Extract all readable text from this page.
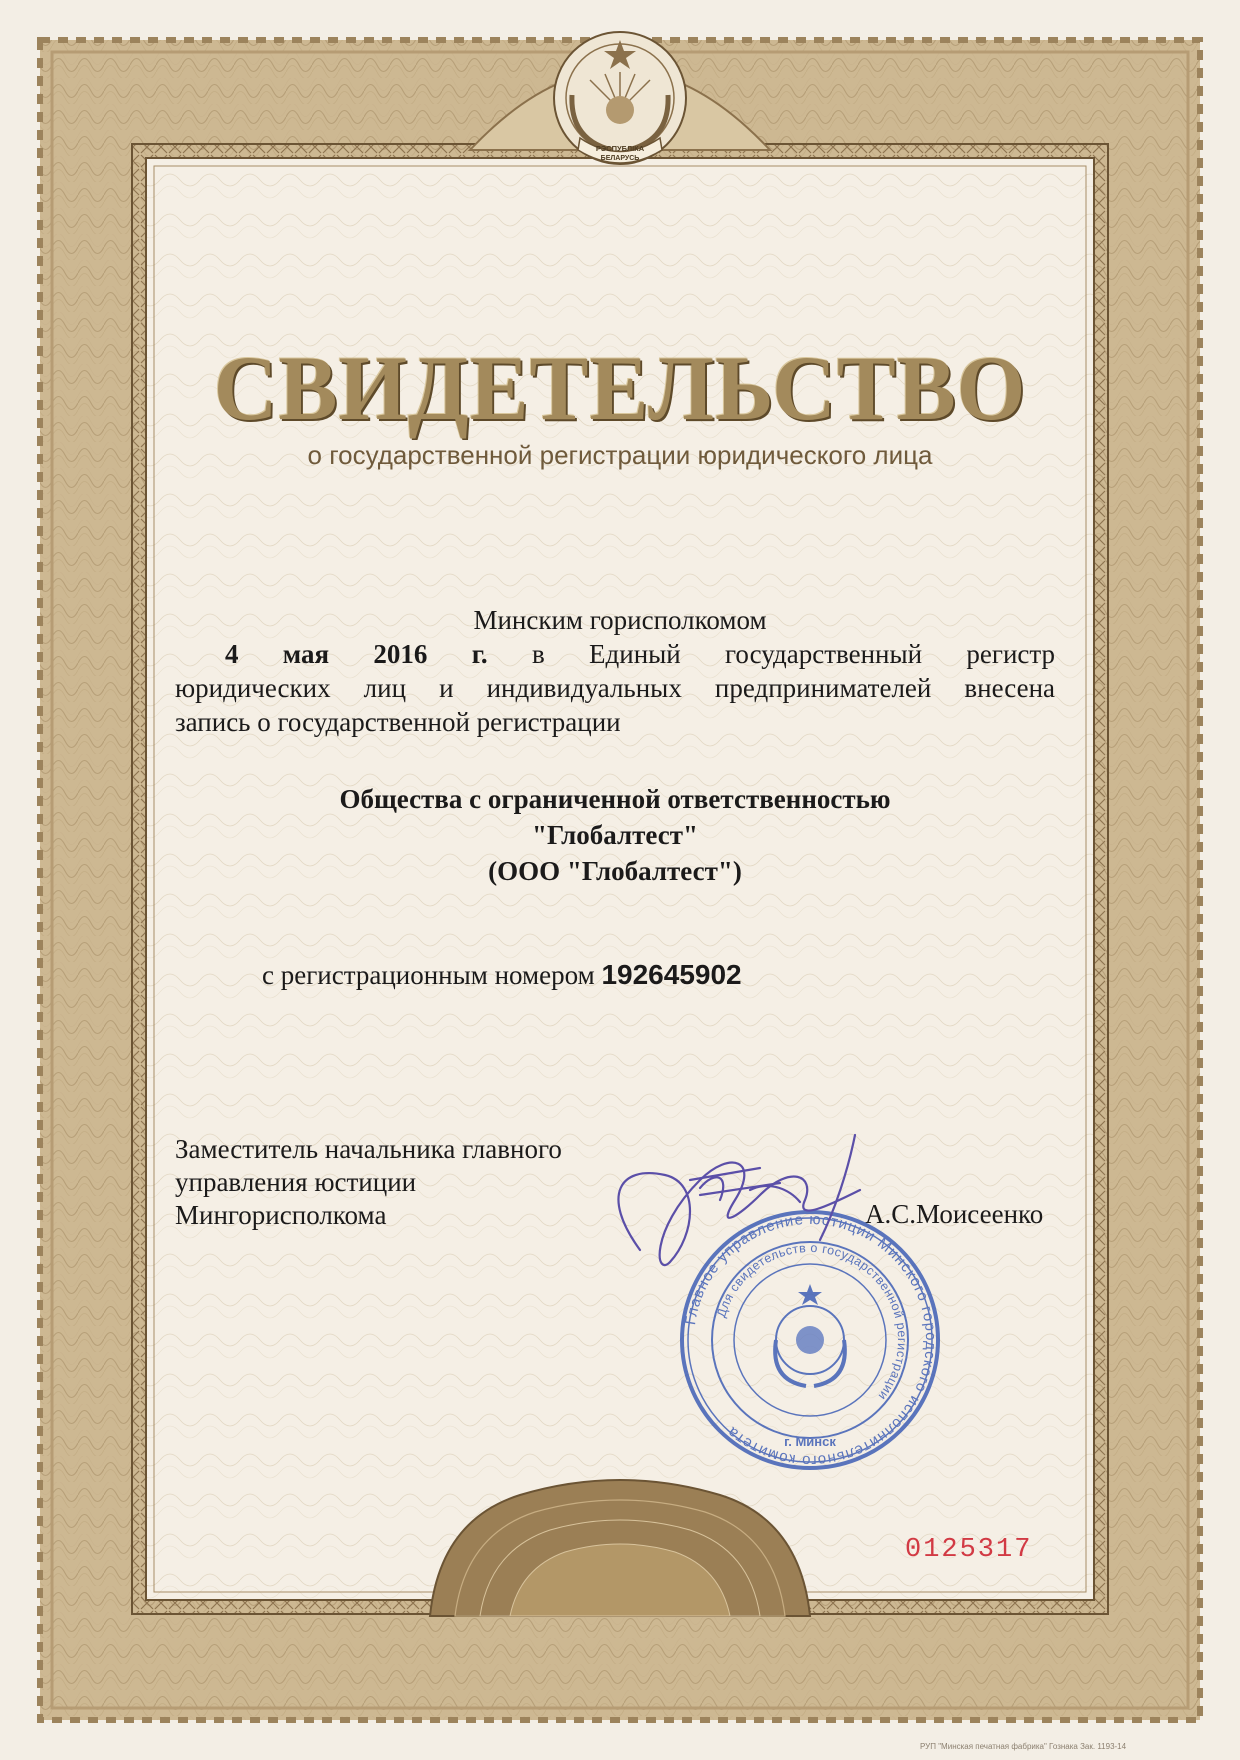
РЭСПУБЛІКА
БЕЛАРУСЬ
СВИДЕТЕЛЬСТВО
о государственной регистрации юридического лица
Минским горисполкомом
4 мая 2016 г. в Единый государственный регистр
юридических лиц и индивидуальных предпринимателей внесена
запись о государственной регистрации
Общества с ограниченной ответственностью
"Глобалтест"
(ООО "Глобалтест")
с регистрационным номером 192645902
Заместитель начальника главного
управления юстиции
Мингорисполкома	А.С.Моисеенко
Главное управление юстиции Минского городского исполнительного комитета
Для свидетельств о государственной регистрации
г. Минск
0125317
РУП "Минская печатная фабрика" Гознака Зак. 1193-14
